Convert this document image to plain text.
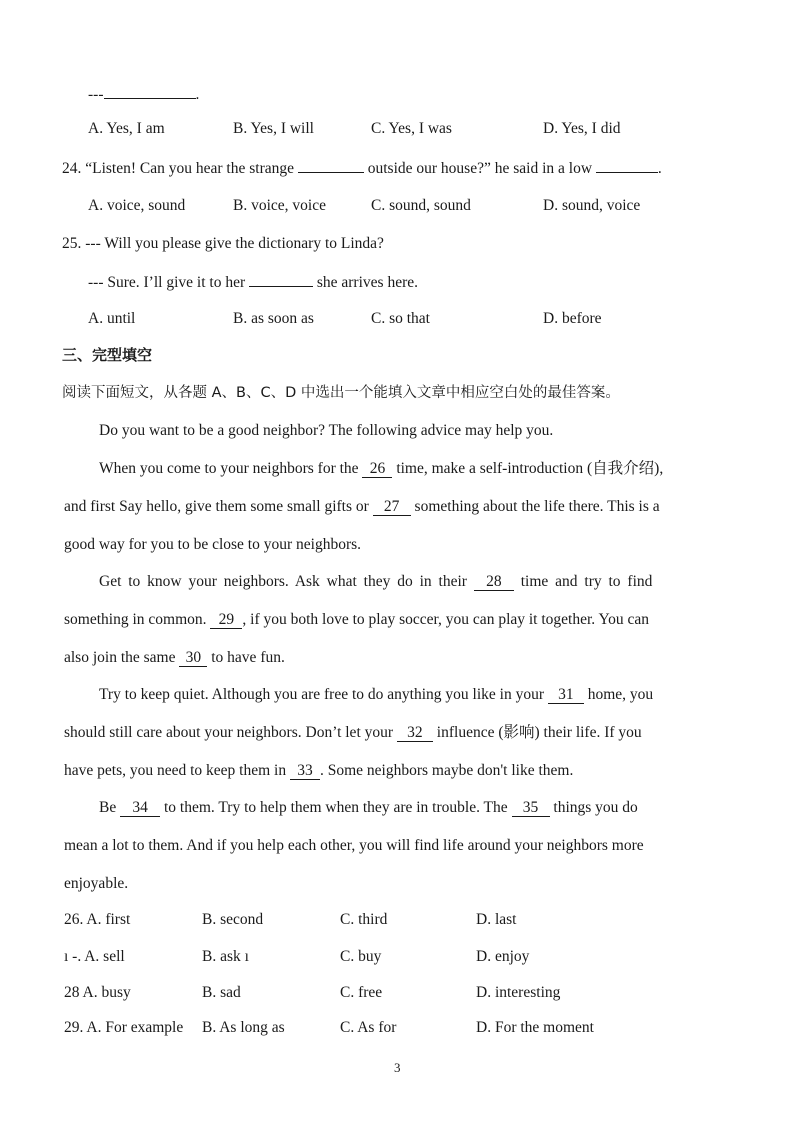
---	.
A. Yes, I am	B. Yes, I will	C. Yes, I was	D. Yes, I did
24. “Listen! Can you hear the strange	outside our house?” he said in a low	.
A. voice, sound	B. voice, voice	C. sound, sound	D. sound, voice
25. --- Will you please give the dictionary to Linda?
--- Sure. I’ll give it to her	she arrives here.
A. until	B. as soon as	C. so that	D. before
三、完型填空
阅读下面短文，从各题 A、B、C、D 中选出一个能填入文章中相应空白处的最佳答案。
Do you want to be a good neighbor? The following advice may help you.
When you come to your neighbors for the 26 time, make a self-introduction (自我介绍),
and first Say hello, give them some small gifts or 27 something about the life there. This is a
good way for you to be close to your neighbors.
Get to know your neighbors. Ask what they do in their 28 time and try to find
something in common. 29 , if you both love to play soccer, you can play it together. You can
also join the same 30 to have fun.
Try to keep quiet. Although you are free to do anything you like in your 31 home, you
should still care about your neighbors. Don’t let your 32 influence (影响) their life. If you
have pets, you need to keep them in 33 . Some neighbors maybe don't like them.
Be 34 to them. Try to help them when they are in trouble. The 35 things you do
mean a lot to them. And if you help each other, you will find life around your neighbors more
enjoyable.
26. A. first	B. second	C. third	D. last
ı -. A. sell	B. ask ı	C. buy	D. enjoy
28 A. busy	B. sad	C. free	D. interesting
29. A. For example B. As long as	C. As for	D. For the moment
3
